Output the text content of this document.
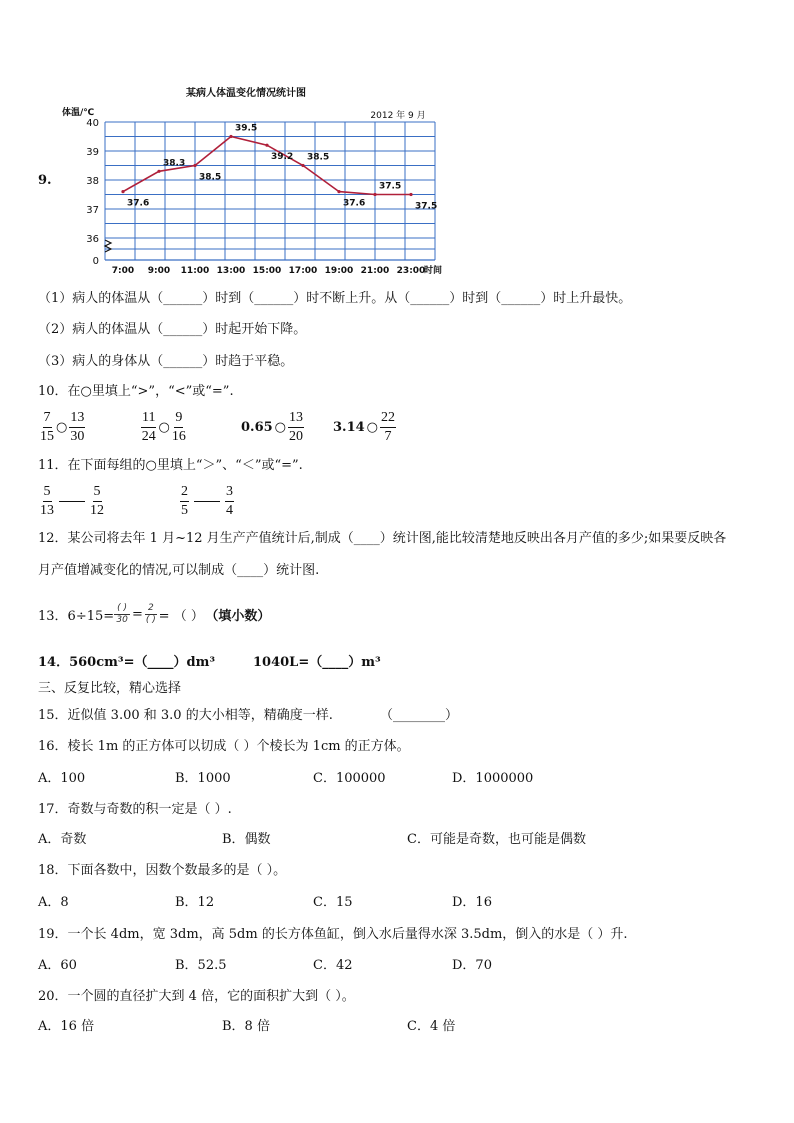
9.
某病人体温变化情况统计图
2012 年 9 月
体温/℃
时间
40
39
38
37
36
0
7:00 9:00 11:00 13:00 15:00 17:00 19:00 21:00 23:00
37.6
38.3
38.5
39.5
39.2 38.5
37.6
37.5
37.5
（1）病人的体温从（______）时到（______）时不断上升。从（______）时到（______）时上升最快。
（2）病人的体温从（______）时起开始下降。
（3）病人的身体从（______）时趋于平稳。
10．在○里填上“>”，“<”或“=”.
$\frac{7}{15}$ ○ $\frac{13}{30}$	$\frac{11}{24}$ ○ $\frac{9}{16}$	0.65 ○ $\frac{13}{20} 3.14$ ○ $\frac{22}{7}$
11．在下面每组的○里填上“＞”、“＜”或“=”.
$\frac{5}{13}$	$\frac{5}{12}$	$\frac{2}{5}$	$\frac{3}{4}$
12．某公司将去年 1 月~12 月生产产值统计后,制成（____）统计图,能比较清楚地反映出各月产值的多少;如果要反映各
月产值增减变化的情况,可以制成（____）统计图.
13．$6\div 15= \frac{( )}{30} = \frac{2}{( )}$ = （ ） （填小数）
14．560cm³=（____）dm³	1040L=（____）m³
三、反复比较，精心选择
15．近似值 3.00 和 3.0 的大小相等，精确度一样.	（________）
16．棱长 1m 的正方体可以切成（ ）个棱长为 1cm 的正方体。
A．100	B．1000	C．100000	D．1000000
17．奇数与奇数的积一定是（ ）.
A．奇数	B．偶数	C．可能是奇数，也可能是偶数
18．下面各数中，因数个数最多的是（ ）。
A．8	B．12	C．15	D．16
19．一个长 4dm，宽 3dm，高 5dm 的长方体鱼缸，倒入水后量得水深 3.5dm，倒入的水是（ ）升.
A．60	B．52.5	C．42	D．70
20．一个圆的直径扩大到 4 倍，它的面积扩大到（ ）。
A．16 倍	B．8 倍	C．4 倍
